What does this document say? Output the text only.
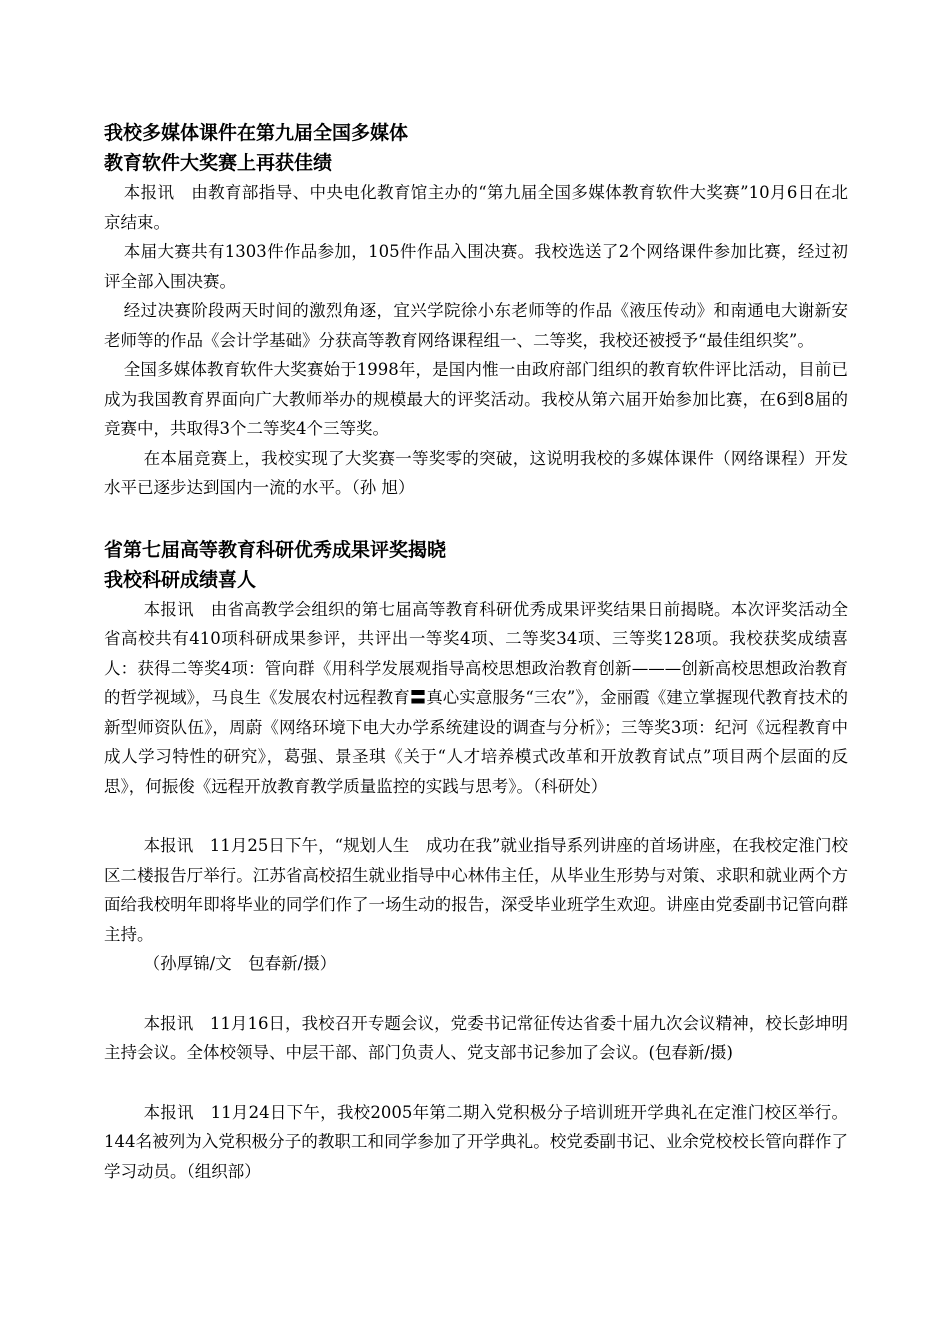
我校多媒体课件在第九届全国多媒体
教育软件大奖赛上再获佳绩

本报讯　由教育部指导、中央电化教育馆主办的“第九届全国多媒体教育软件大奖赛”10月6日在北京结束。

本届大赛共有1303件作品参加，105件作品入围决赛。我校选送了2个网络课件参加比赛，经过初评全部入围决赛。

经过决赛阶段两天时间的激烈角逐，宜兴学院徐小东老师等的作品《液压传动》和南通电大谢新安老师等的作品《会计学基础》分获高等教育网络课程组一、二等奖，我校还被授予“最佳组织奖”。

全国多媒体教育软件大奖赛始于1998年，是国内惟一由政府部门组织的教育软件评比活动，目前已成为我国教育界面向广大教师举办的规模最大的评奖活动。我校从第六届开始参加比赛，在6到8届的竞赛中，共取得3个二等奖4个三等奖。

在本届竞赛上，我校实现了大奖赛一等奖零的突破，这说明我校的多媒体课件（网络课程）开发水平已逐步达到国内一流的水平。（孙 旭）

省第七届高等教育科研优秀成果评奖揭晓
我校科研成绩喜人

本报讯　由省高教学会组织的第七届高等教育科研优秀成果评奖结果日前揭晓。本次评奖活动全省高校共有410项科研成果参评，共评出一等奖4项、二等奖34项、三等奖128项。我校获奖成绩喜人：获得二等奖4项：管向群《用科学发展观指导高校思想政治教育创新———创新高校思想政治教育的哲学视域》，马良生《发展农村远程教育〓真心实意服务“三农”》，金丽霞《建立掌握现代教育技术的新型师资队伍》，周蔚《网络环境下电大办学系统建设的调查与分析》；三等奖3项：纪河《远程教育中成人学习特性的研究》，葛强、景圣琪《关于“人才培养模式改革和开放教育试点”项目两个层面的反思》，何振俊《远程开放教育教学质量监控的实践与思考》。（科研处）

本报讯　11月25日下午，“规划人生　成功在我”就业指导系列讲座的首场讲座，在我校定淮门校区二楼报告厅举行。江苏省高校招生就业指导中心林伟主任，从毕业生形势与对策、求职和就业两个方面给我校明年即将毕业的同学们作了一场生动的报告，深受毕业班学生欢迎。讲座由党委副书记管向群主持。

（孙厚锦/文　包春新/摄）

本报讯　11月16日，我校召开专题会议，党委书记常征传达省委十届九次会议精神，校长彭坤明主持会议。全体校领导、中层干部、部门负责人、党支部书记参加了会议。(包春新/摄)

本报讯　11月24日下午，我校2005年第二期入党积极分子培训班开学典礼在定淮门校区举行。144名被列为入党积极分子的教职工和同学参加了开学典礼。校党委副书记、业余党校校长管向群作了学习动员。（组织部）
